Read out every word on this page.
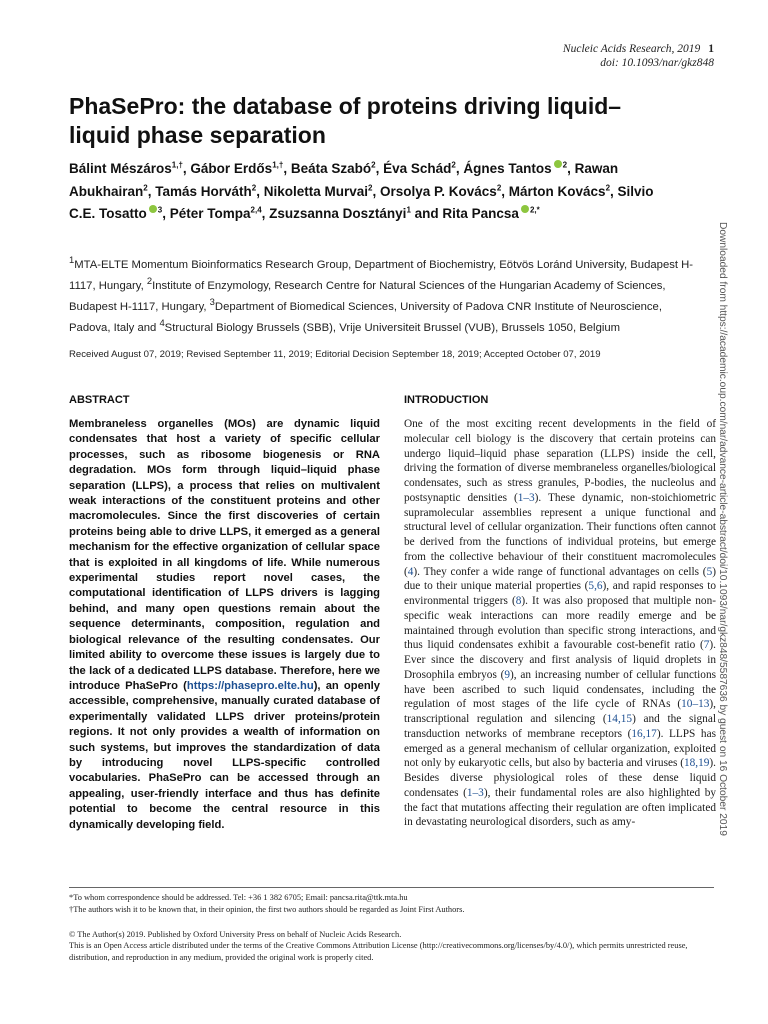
Nucleic Acids Research, 2019 1
doi: 10.1093/nar/gkz848
PhaSePro: the database of proteins driving liquid–liquid phase separation
Bálint Mészáros$^{1,\dagger}$, Gábor Erdős$^{1,\dagger}$, Beáta Szabó$^2$, Éva Schád$^2$, Ágnes Tantos $^2$, Rawan Abukhairan$^2$, Tamás Horváth$^2$, Nikoletta Murvai$^2$, Orsolya P. Kovács$^2$, Márton Kovács$^2$, Silvio C.E. Tosatto $^3$, Péter Tompa$^{2,4}$, Zsuzsanna Dosztányi$^1$ and Rita Pancsa $^{2,*}$
$^1$MTA-ELTE Momentum Bioinformatics Research Group, Department of Biochemistry, Eötvös Loránd University, Budapest H-1117, Hungary, $^2$Institute of Enzymology, Research Centre for Natural Sciences of the Hungarian Academy of Sciences, Budapest H-1117, Hungary, $^3$Department of Biomedical Sciences, University of Padova CNR Institute of Neuroscience, Padova, Italy and $^4$Structural Biology Brussels (SBB), Vrije Universiteit Brussel (VUB), Brussels 1050, Belgium
Received August 07, 2019; Revised September 11, 2019; Editorial Decision September 18, 2019; Accepted October 07, 2019
ABSTRACT
Membraneless organelles (MOs) are dynamic liquid condensates that host a variety of specific cellular processes, such as ribosome biogenesis or RNA degradation. MOs form through liquid–liquid phase separation (LLPS), a process that relies on multivalent weak interactions of the constituent proteins and other macromolecules. Since the first discoveries of certain proteins being able to drive LLPS, it emerged as a general mechanism for the effective organization of cellular space that is exploited in all kingdoms of life. While numerous experimental studies report novel cases, the computational identification of LLPS drivers is lagging behind, and many open questions remain about the sequence determinants, composition, regulation and biological relevance of the resulting condensates. Our limited ability to overcome these issues is largely due to the lack of a dedicated LLPS database. Therefore, here we introduce PhaSePro (https://phasepro.elte.hu), an openly accessible, comprehensive, manually curated database of experimentally validated LLPS driver proteins/protein regions. It not only provides a wealth of information on such systems, but improves the standardization of data by introducing novel LLPS-specific controlled vocabularies. PhaSePro can be accessed through an appealing, user-friendly interface and thus has definite potential to become the central resource in this dynamically developing field.
INTRODUCTION
One of the most exciting recent developments in the field of molecular cell biology is the discovery that certain proteins can undergo liquid–liquid phase separation (LLPS) inside the cell, driving the formation of diverse membraneless organelles/biological condensates, such as stress granules, P-bodies, the nucleolus and postsynaptic densities (1–3). These dynamic, non-stoichiometric supramolecular assemblies represent a unique functional and structural level of cellular organization. Their functions often cannot be derived from the functions of individual proteins, but emerge from the collective behaviour of their constituent macromolecules (4). They confer a wide range of functional advantages on cells (5) due to their unique material properties (5,6), and rapid responses to environmental triggers (8). It was also proposed that multiple non-specific weak interactions can more readily emerge and be maintained through evolution than specific strong interactions, and thus liquid condensates exhibit a favourable cost-benefit ratio (7). Ever since the discovery and first analysis of liquid droplets in Drosophila embryos (9), an increasing number of cellular functions have been ascribed to such liquid condensates, including the regulation of most stages of the life cycle of RNAs (10–13), transcriptional regulation and silencing (14,15) and the signal transduction networks of membrane receptors (16,17). LLPS has emerged as a general mechanism of cellular organization, exploited not only by eukaryotic cells, but also by bacteria and viruses (18,19). Besides diverse physiological roles of these dense liquid condensates (1–3), their fundamental roles are also highlighted by the fact that mutations affecting their regulation are often implicated in devastating neurological disorders, such as amy-
*To whom correspondence should be addressed. Tel: +36 1 382 6705; Email: pancsa.rita@ttk.mta.hu
†The authors wish it to be known that, in their opinion, the first two authors should be regarded as Joint First Authors.
© The Author(s) 2019. Published by Oxford University Press on behalf of Nucleic Acids Research.
This is an Open Access article distributed under the terms of the Creative Commons Attribution License (http://creativecommons.org/licenses/by/4.0/), which permits unrestricted reuse, distribution, and reproduction in any medium, provided the original work is properly cited.
Downloaded from https://academic.oup.com/nar/advance-article-abstract/doi/10.1093/nar/gkz848/5587636 by guest on 16 October 2019
